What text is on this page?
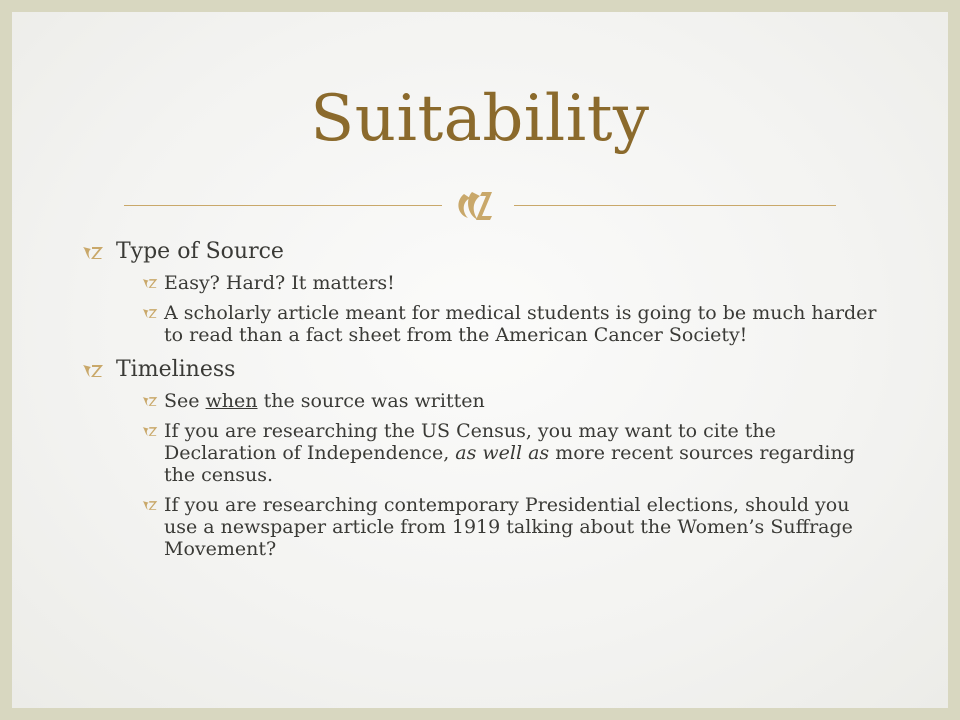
Suitability
Type of Source
Easy? Hard? It matters!
A scholarly article meant for medical students is going to be much harder to read than a fact sheet from the American Cancer Society!
Timeliness
See when the source was written
If you are researching the US Census, you may want to cite the Declaration of Independence, as well as more recent sources regarding the census.
If you are researching contemporary Presidential elections, should you use a newspaper article from 1919 talking about the Women’s Suffrage Movement?
